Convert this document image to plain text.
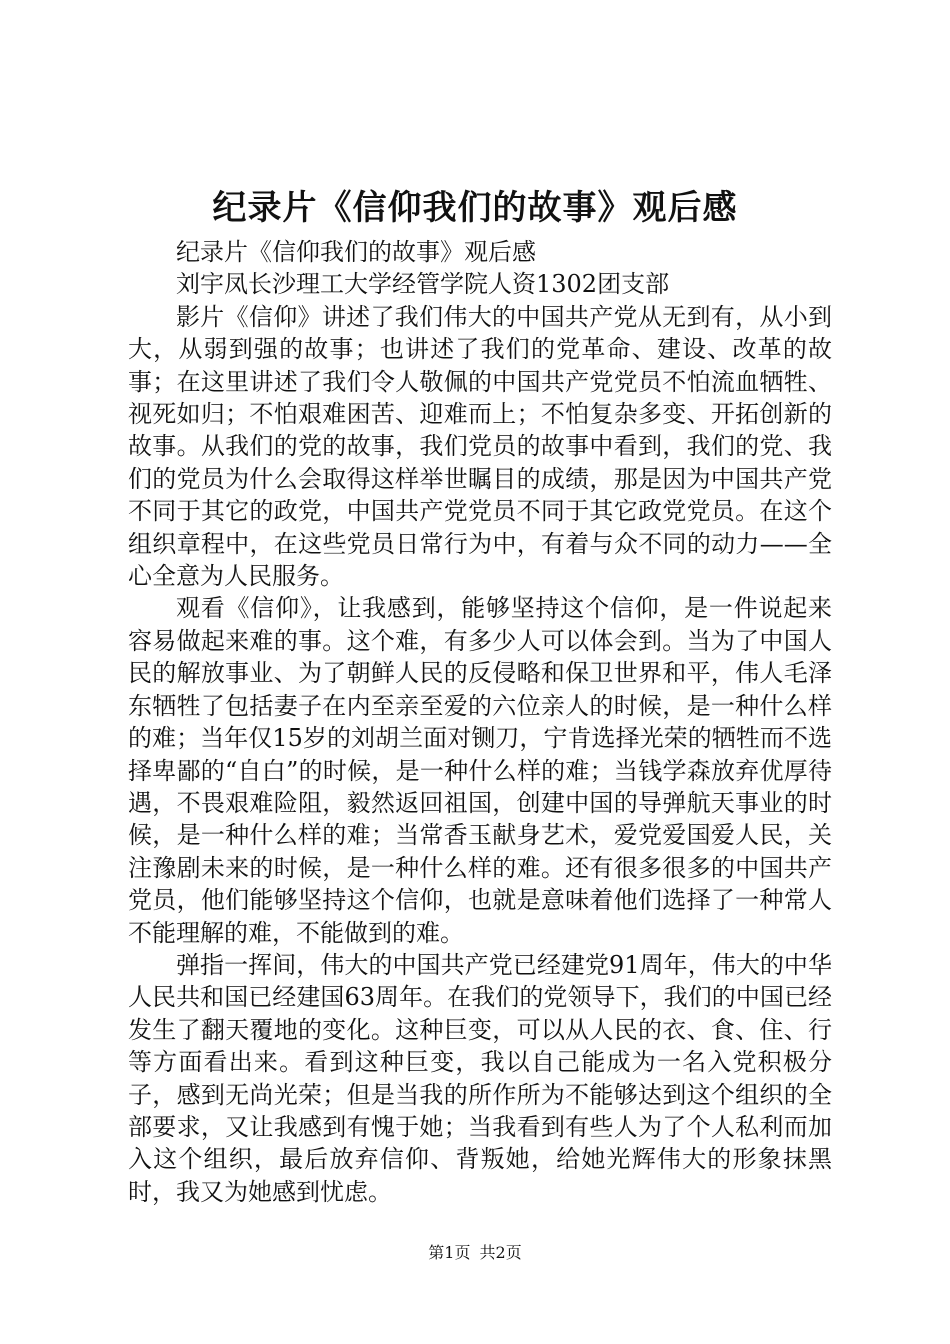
纪录片《信仰我们的故事》观后感

纪录片《信仰我们的故事》观后感

刘宇凤长沙理工大学经管学院人资1302团支部

影片《信仰》讲述了我们伟大的中国共产党从无到有，从小到大，从弱到强的故事；也讲述了我们的党革命、建设、改革的故事；在这里讲述了我们令人敬佩的中国共产党党员不怕流血牺牲、视死如归；不怕艰难困苦、迎难而上；不怕复杂多变、开拓创新的故事。从我们的党的故事，我们党员的故事中看到，我们的党、我们的党员为什么会取得这样举世瞩目的成绩，那是因为中国共产党不同于其它的政党，中国共产党党员不同于其它政党党员。在这个组织章程中，在这些党员日常行为中，有着与众不同的动力——全心全意为人民服务。

观看《信仰》，让我感到，能够坚持这个信仰，是一件说起来容易做起来难的事。这个难，有多少人可以体会到。当为了中国人民的解放事业、为了朝鲜人民的反侵略和保卫世界和平，伟人毛泽东牺牲了包括妻子在内至亲至爱的六位亲人的时候，是一种什么样的难；当年仅15岁的刘胡兰面对铡刀，宁肯选择光荣的牺牲而不选择卑鄙的“自白”的时候，是一种什么样的难；当钱学森放弃优厚待遇，不畏艰难险阻，毅然返回祖国，创建中国的导弹航天事业的时候，是一种什么样的难；当常香玉献身艺术，爱党爱国爱人民，关注豫剧未来的时候，是一种什么样的难。还有很多很多的中国共产党员，他们能够坚持这个信仰，也就是意味着他们选择了一种常人不能理解的难，不能做到的难。

弹指一挥间，伟大的中国共产党已经建党91周年，伟大的中华人民共和国已经建国63周年。在我们的党领导下，我们的中国已经发生了翻天覆地的变化。这种巨变，可以从人民的衣、食、住、行等方面看出来。看到这种巨变，我以自己能成为一名入党积极分子，感到无尚光荣；但是当我的所作所为不能够达到这个组织的全部要求，又让我感到有愧于她；当我看到有些人为了个人私利而加入这个组织，最后放弃信仰、背叛她，给她光辉伟大的形象抹黑时，我又为她感到忧虑。

第1页 共2页
